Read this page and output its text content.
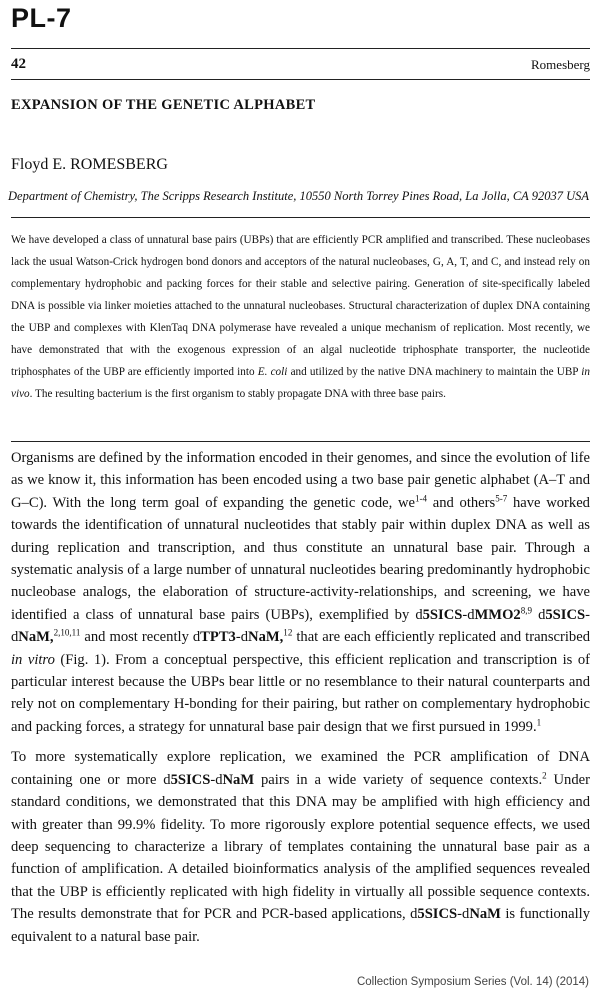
PL-7
42	Romesberg
EXPANSION OF THE GENETIC ALPHABET
Floyd E. ROMESBERG
Department of Chemistry, The Scripps Research Institute, 10550 North Torrey Pines Road, La Jolla, CA 92037 USA

We have developed a class of unnatural base pairs (UBPs) that are efficiently PCR amplified and transcribed. These nucleobases lack the usual Watson-Crick hydrogen bond donors and acceptors of the natural nucleobases, G, A, T, and C, and instead rely on complementary hydrophobic and packing forces for their stable and selective pairing. Generation of site-specifically labeled DNA is possible via linker moieties attached to the unnatural nucleobases. Structural characterization of duplex DNA containing the UBP and complexes with KlenTaq DNA polymerase have revealed a unique mechanism of replication. Most recently, we have demonstrated that with the exogenous expression of an algal nucleotide triphosphate transporter, the nucleotide triphosphates of the UBP are efficiently imported into E. coli and utilized by the native DNA machinery to maintain the UBP in vivo. The resulting bacterium is the first organism to stably propagate DNA with three base pairs.

Organisms are defined by the information encoded in their genomes, and since the evolution of life as we know it, this information has been encoded using a two base pair genetic alphabet (A–T and G–C). With the long term goal of expanding the genetic code, $we^{1-4}$ and others$^{5-7}$ have worked towards the identification of unnatural nucleotides that stably pair within duplex DNA as well as during replication and transcription, and thus constitute an unnatural base pair. Through a systematic analysis of a large number of unnatural nucleotides bearing predominantly hydrophobic nucleobase analogs, the elaboration of structure-activity-relationships, and screening, we have identified a class of unnatural base pairs (UBPs), exemplified by d5SICS-dMMO2$^{8,9}$ d5SICS-dNaM,$^{2,10,11}$ and most recently dTPT3-dNaM,$^{12}$ that are each efficiently replicated and transcribed in vitro (Fig. 1). From a conceptual perspective, this efficient replication and transcription is of particular interest because the UBPs bear little or no resemblance to their natural counterparts and rely not on complementary H-bonding for their pairing, but rather on complementary hydrophobic and packing forces, a strategy for unnatural base pair design that we first pursued in 1999.$^1$

To more systematically explore replication, we examined the PCR amplification of DNA containing one or more d5SICS-dNaM pairs in a wide variety of sequence contexts.$^2$ Under standard conditions, we demonstrated that this DNA may be amplified with high efficiency and with greater than 99.9% fidelity. To more rigorously explore potential sequence effects, we used deep sequencing to characterize a library of templates containing the unnatural base pair as a function of amplification. A detailed bioinformatics analysis of the amplified sequences revealed that the UBP is efficiently replicated with high fidelity in virtually all possible sequence contexts. The results demonstrate that for PCR and PCR-based applications, d5SICS-dNaM is functionally equivalent to a natural base pair.

Collection Symposium Series (Vol. 14) (2014)
